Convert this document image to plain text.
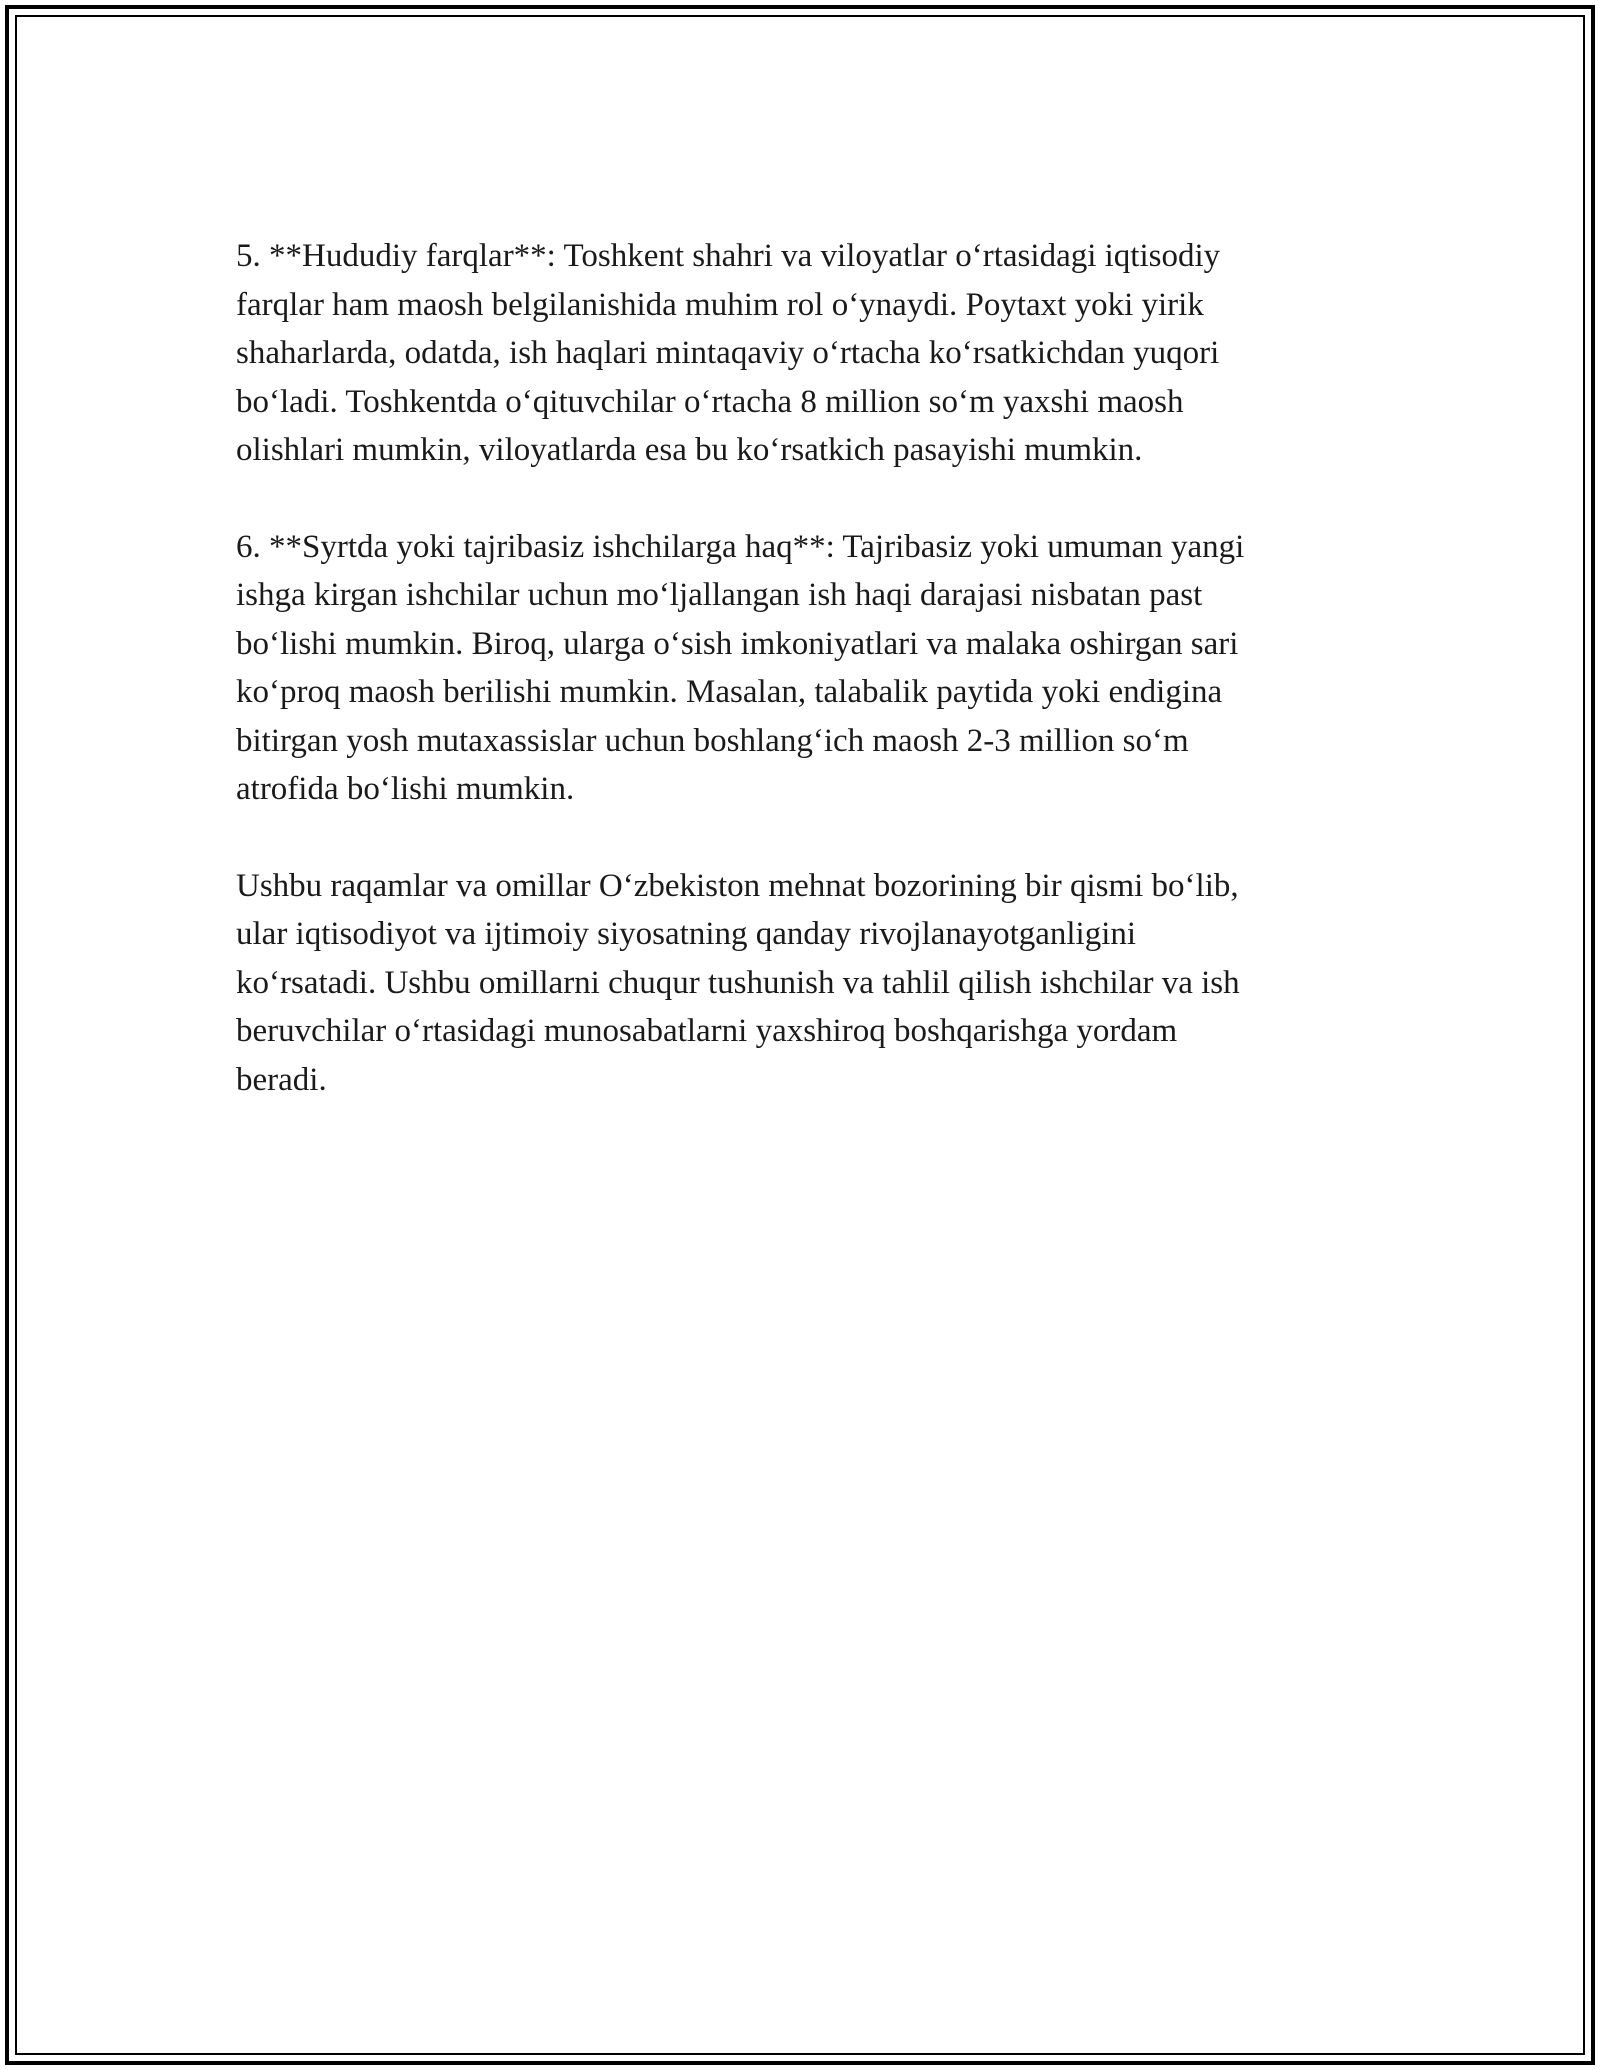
5. **Hududiy farqlar**: Toshkent shahri va viloyatlar o‘rtasidagi iqtisodiy
farqlar ham maosh belgilanishida muhim rol o‘ynaydi. Poytaxt yoki yirik
shaharlarda, odatda, ish haqlari mintaqaviy o‘rtacha ko‘rsatkichdan yuqori
bo‘ladi. Toshkentda o‘qituvchilar o‘rtacha 8 million so‘m yaxshi maosh
olishlari mumkin, viloyatlarda esa bu ko‘rsatkich pasayishi mumkin.

6. **Syrtda yoki tajribasiz ishchilarga haq**: Tajribasiz yoki umuman yangi
ishga kirgan ishchilar uchun mo‘ljallangan ish haqi darajasi nisbatan past
bo‘lishi mumkin. Biroq, ularga o‘sish imkoniyatlari va malaka oshirgan sari
ko‘proq maosh berilishi mumkin. Masalan, talabalik paytida yoki endigina
bitirgan yosh mutaxassislar uchun boshlang‘ich maosh 2-3 million so‘m
atrofida bo‘lishi mumkin.

Ushbu raqamlar va omillar O‘zbekiston mehnat bozorining bir qismi bo‘lib,
ular iqtisodiyot va ijtimoiy siyosatning qanday rivojlanayotganligini
ko‘rsatadi. Ushbu omillarni chuqur tushunish va tahlil qilish ishchilar va ish
beruvchilar o‘rtasidagi munosabatlarni yaxshiroq boshqarishga yordam
beradi.
